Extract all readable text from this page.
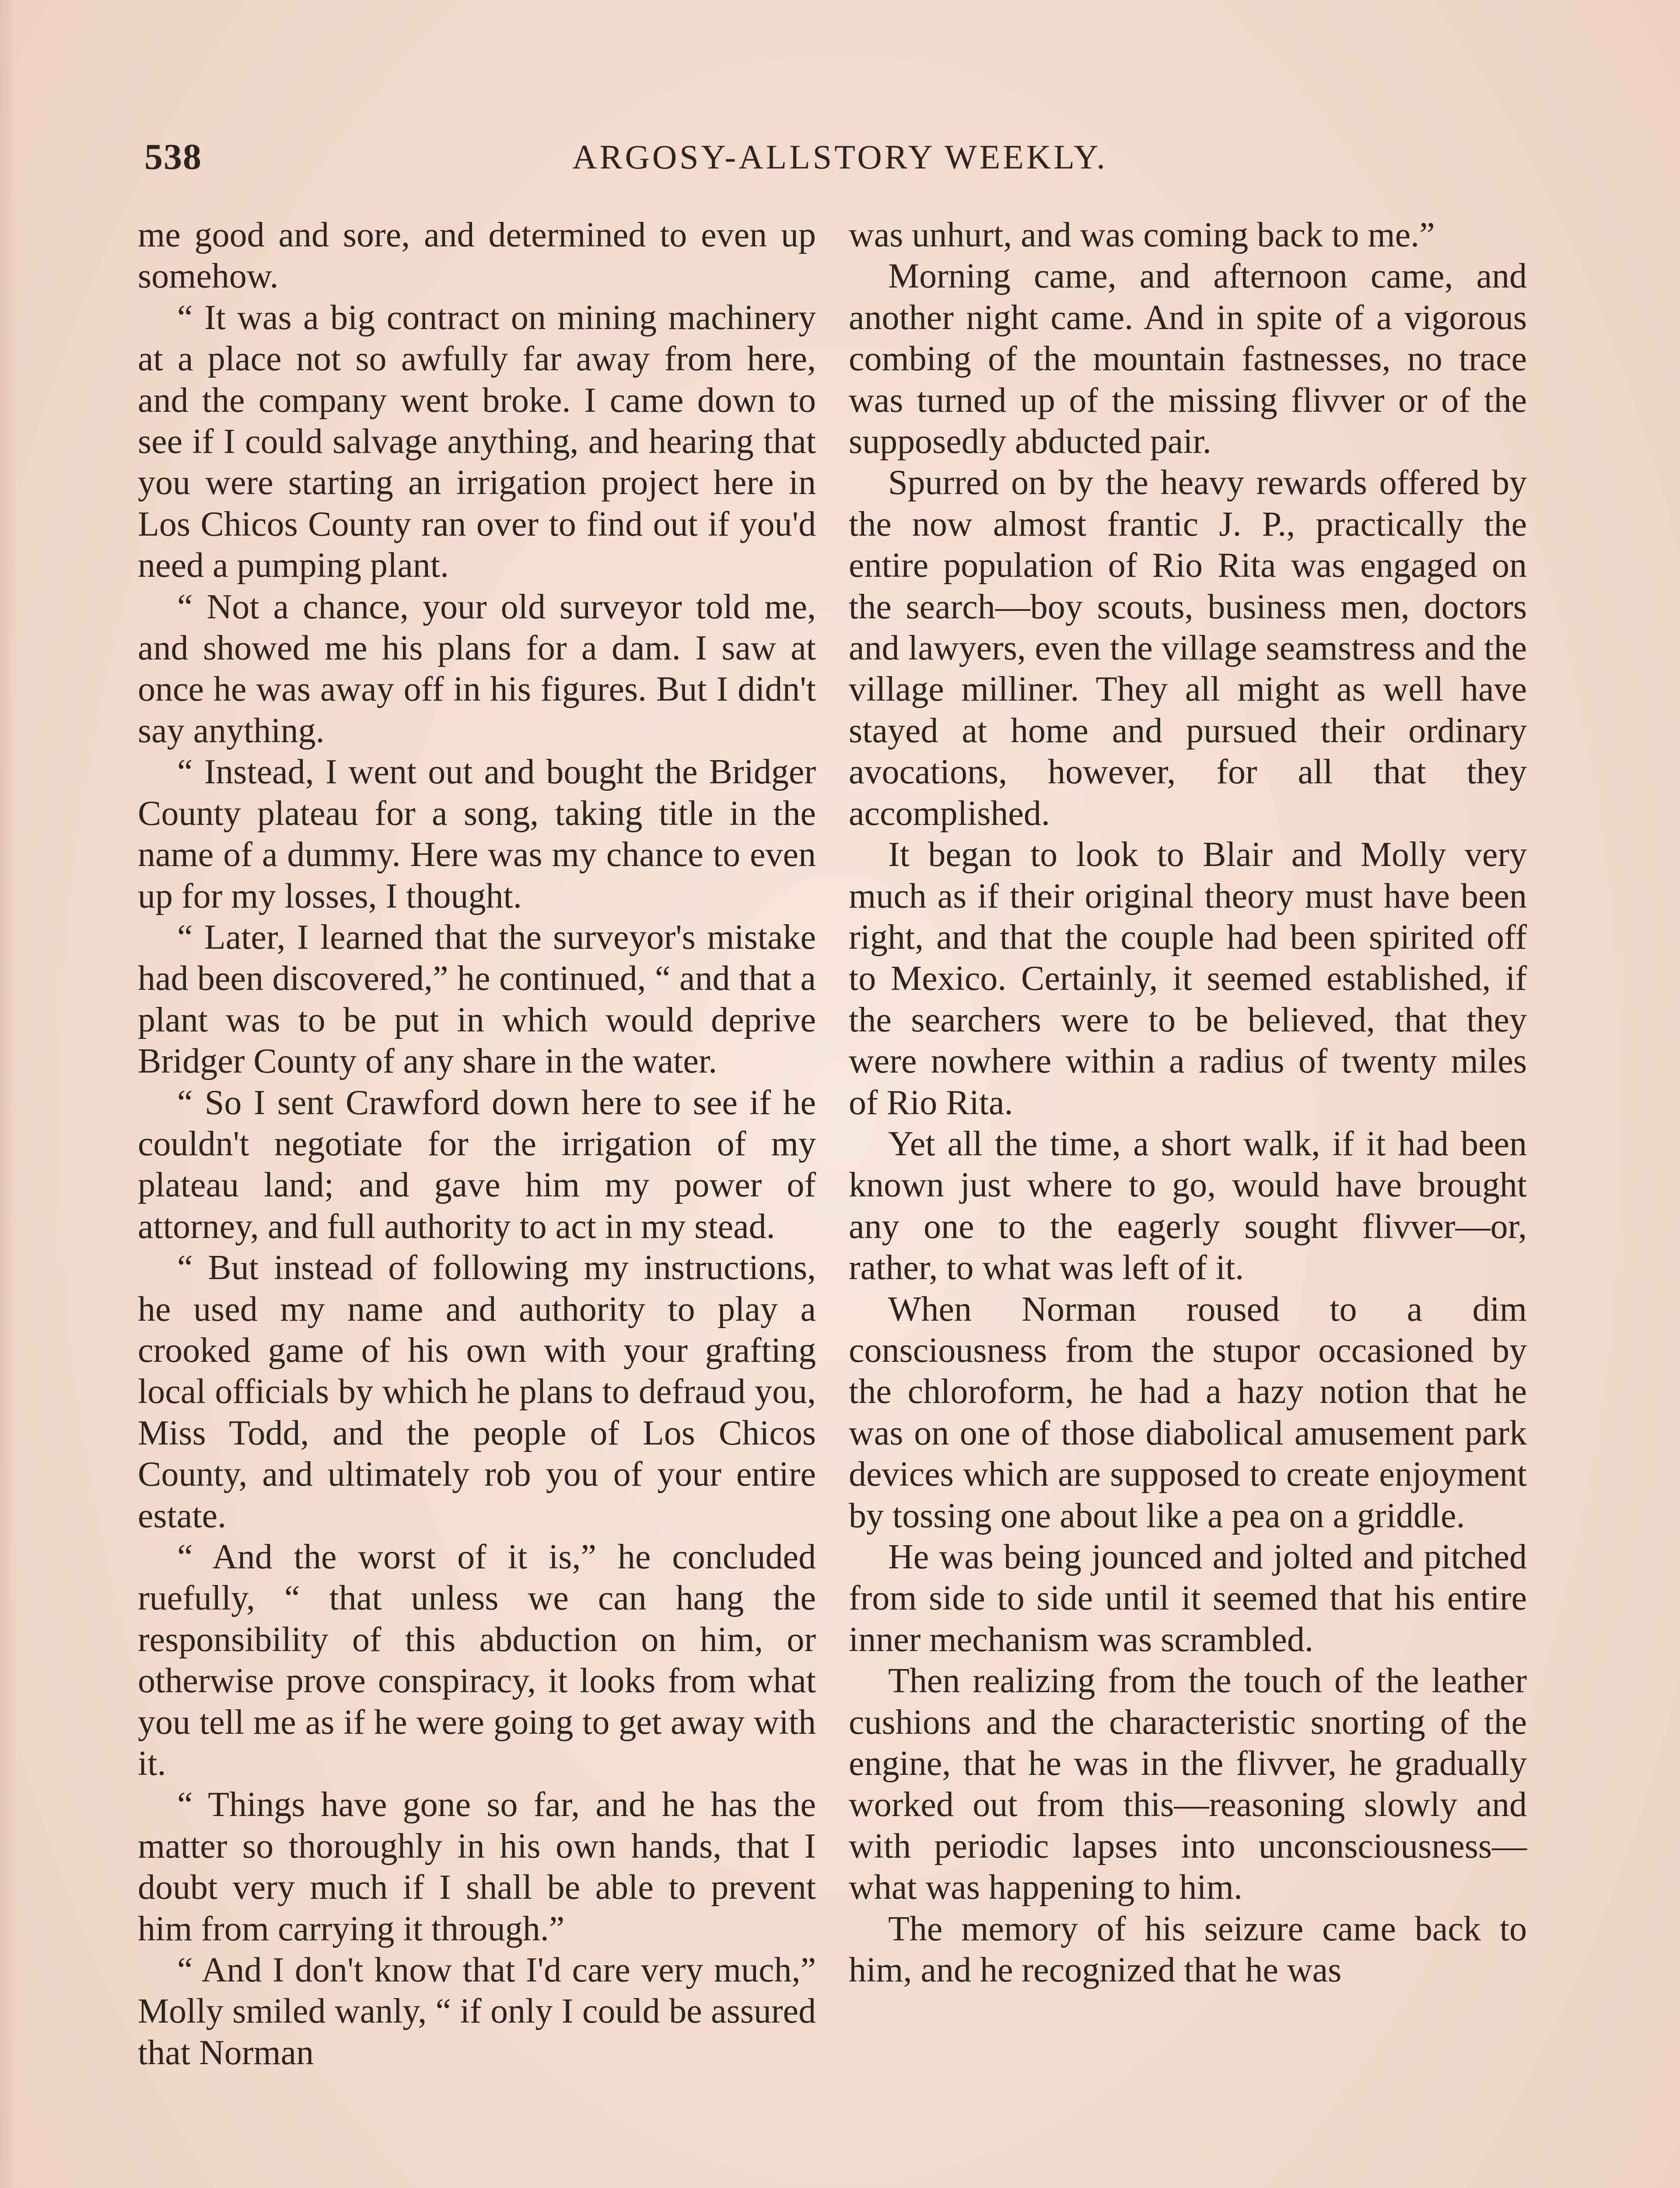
538	ARGOSY-ALLSTORY WEEKLY.

me good and sore, and determined to even up somehow.

“ It was a big contract on mining machinery at a place not so awfully far away from here, and the company went broke. I came down to see if I could salvage anything, and hearing that you were starting an irrigation project here in Los Chicos County ran over to find out if you'd need a pumping plant.

“ Not a chance, your old surveyor told me, and showed me his plans for a dam. I saw at once he was away off in his figures. But I didn't say anything.

“ Instead, I went out and bought the Bridger County plateau for a song, taking title in the name of a dummy. Here was my chance to even up for my losses, I thought.

“ Later, I learned that the surveyor's mistake had been discovered,” he continued, “ and that a plant was to be put in which would deprive Bridger County of any share in the water.

“ So I sent Crawford down here to see if he couldn't negotiate for the irrigation of my plateau land; and gave him my power of attorney, and full authority to act in my stead.

“ But instead of following my instructions, he used my name and authority to play a crooked game of his own with your grafting local officials by which he plans to defraud you, Miss Todd, and the people of Los Chicos County, and ultimately rob you of your entire estate.

“ And the worst of it is,” he concluded ruefully, “ that unless we can hang the responsibility of this abduction on him, or otherwise prove conspiracy, it looks from what you tell me as if he were going to get away with it.

“ Things have gone so far, and he has the matter so thoroughly in his own hands, that I doubt very much if I shall be able to prevent him from carrying it through.”

“ And I don't know that I'd care very much,” Molly smiled wanly, “ if only I could be assured that Norman

was unhurt, and was coming back to me.”

Morning came, and afternoon came, and another night came. And in spite of a vigorous combing of the mountain fastnesses, no trace was turned up of the missing flivver or of the supposedly abducted pair.

Spurred on by the heavy rewards offered by the now almost frantic J. P., practically the entire population of Rio Rita was engaged on the search—boy scouts, business men, doctors and lawyers, even the village seamstress and the village milliner. They all might as well have stayed at home and pursued their ordinary avocations, however, for all that they accomplished.

It began to look to Blair and Molly very much as if their original theory must have been right, and that the couple had been spirited off to Mexico. Certainly, it seemed established, if the searchers were to be believed, that they were nowhere within a radius of twenty miles of Rio Rita.

Yet all the time, a short walk, if it had been known just where to go, would have brought any one to the eagerly sought flivver—or, rather, to what was left of it.

When Norman roused to a dim consciousness from the stupor occasioned by the chloroform, he had a hazy notion that he was on one of those diabolical amusement park devices which are supposed to create enjoyment by tossing one about like a pea on a griddle.

He was being jounced and jolted and pitched from side to side until it seemed that his entire inner mechanism was scrambled.

Then realizing from the touch of the leather cushions and the characteristic snorting of the engine, that he was in the flivver, he gradually worked out from this—reasoning slowly and with periodic lapses into unconsciousness—what was happening to him.

The memory of his seizure came back to him, and he recognized that he was
